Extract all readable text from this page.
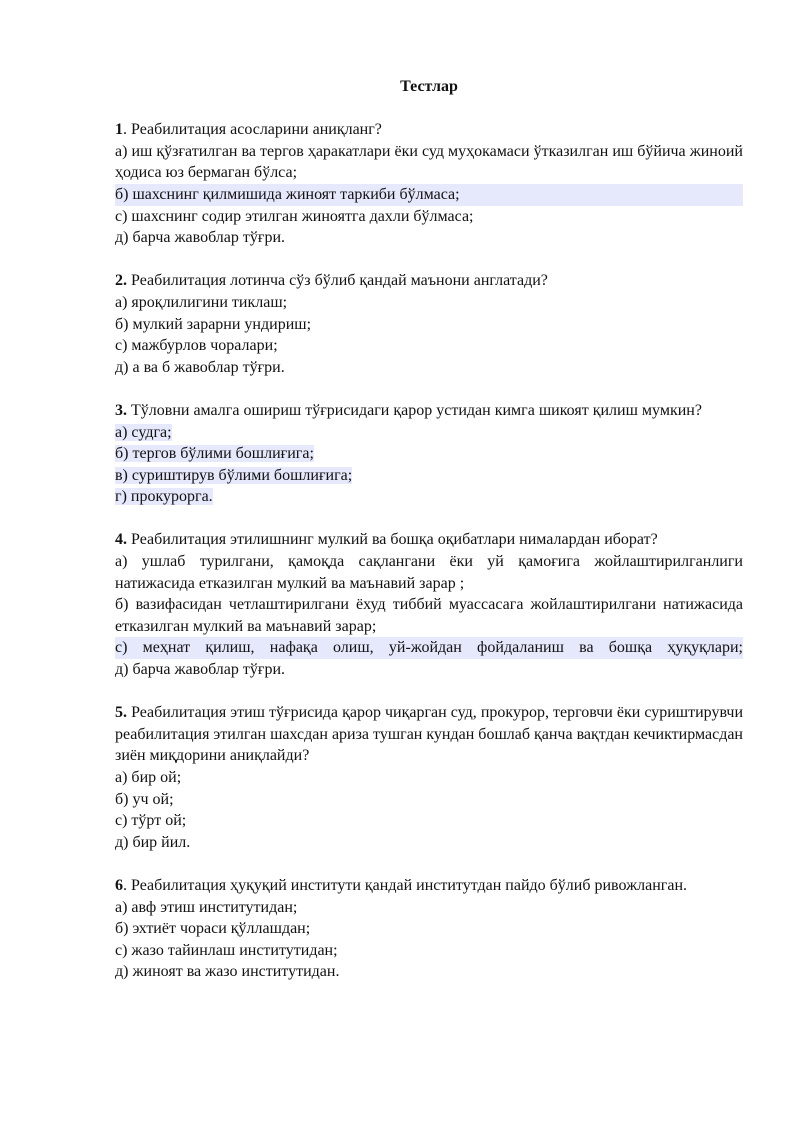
Тестлар

1. Реабилитация асосларини аниқланг?

а) иш қўзғатилган ва тергов ҳаракатлари ёки суд муҳокамаси ўтказилган иш бўйича жиноий ҳодиса юз бермаган бўлса;

б) шахснинг қилмишида жиноят таркиби бўлмаса;

с) шахснинг содир этилган жиноятга дахли бўлмаса;

д) барча жавоблар тўғри.

2. Реабилитация лотинча сўз бўлиб қандай маънони англатади?

а) яроқлилигини тиклаш;

б) мулкий зарарни ундириш;

с) мажбурлов чоралари;

д) а ва б жавоблар тўғри.

3. Тўловни амалга ошириш тўғрисидаги қарор устидан кимга шикоят қилиш мумкин?

а) судга;

б) тергов бўлими бошлиғига;

в) суриштирув бўлими бошлиғига;

г) прокурорга.

4. Реабилитация этилишнинг мулкий ва бошқа оқибатлари нималардан иборат?

а) ушлаб турилгани, қамоқда сақлангани ёки уй қамоғига жойлаштирилганлиги натижасида етказилган мулкий ва маънавий зарар ;

б) вазифасидан четлаштирилгани ёхуд тиббий муассасага жойлаштирилгани натижасида етказилган мулкий ва маънавий зарар;

с) меҳнат қилиш, нафақа олиш, уй-жойдан фойдаланиш ва бошқа ҳуқуқлари;

д) барча жавоблар тўғри.

5. Реабилитация этиш тўғрисида қарор чиқарган суд, прокурор, терговчи ёки суриштирувчи реабилитация этилган шахсдан ариза тушган кундан бошлаб қанча вақтдан кечиктирмасдан зиён миқдорини аниқлайди?

а) бир ой;

б) уч ой;

с) тўрт ой;

д) бир йил.

6. Реабилитация ҳуқуқий институти қандай институтдан пайдо бўлиб ривожланган.

а) авф этиш институтидан;

б) эхтиёт чораси қўллашдан;

с) жазо тайинлаш институтидан;

д) жиноят ва жазо институтидан.
